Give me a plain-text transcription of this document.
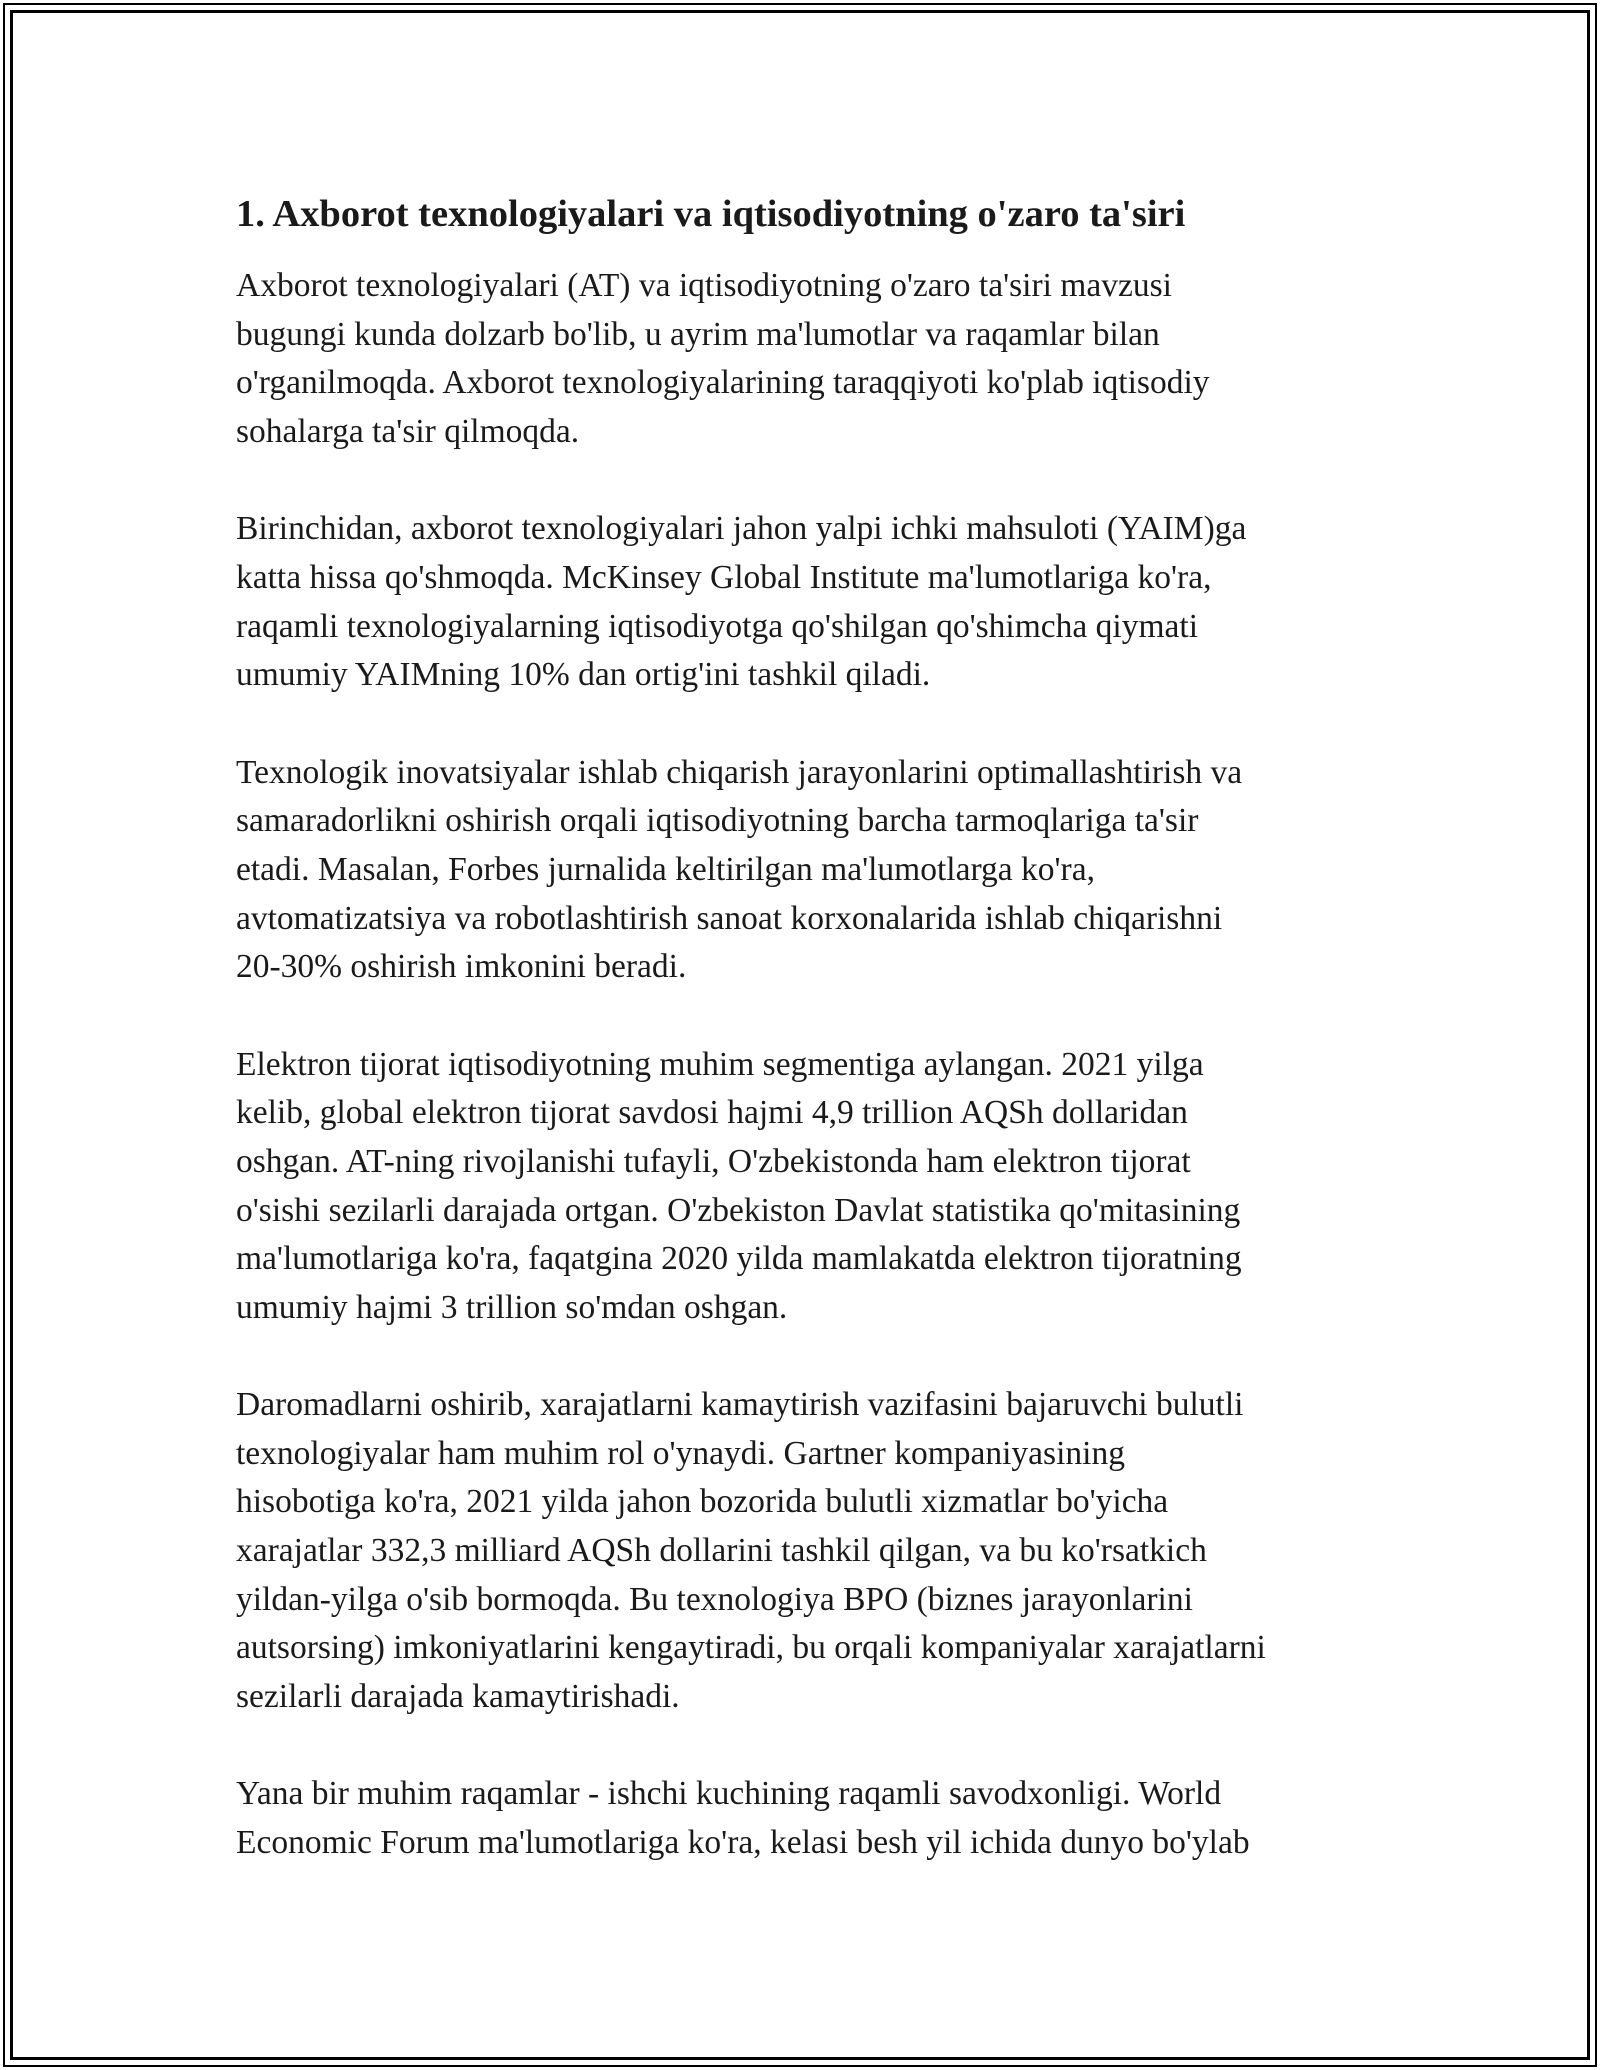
1. Axborot texnologiyalari va iqtisodiyotning o'zaro ta'siri

Axborot texnologiyalari (AT) va iqtisodiyotning o'zaro ta'siri mavzusi
bugungi kunda dolzarb bo'lib, u ayrim ma'lumotlar va raqamlar bilan
o'rganilmoqda. Axborot texnologiyalarining taraqqiyoti ko'plab iqtisodiy
sohalarga ta'sir qilmoqda.

Birinchidan, axborot texnologiyalari jahon yalpi ichki mahsuloti (YAIM)ga
katta hissa qo'shmoqda. McKinsey Global Institute ma'lumotlariga ko'ra,
raqamli texnologiyalarning iqtisodiyotga qo'shilgan qo'shimcha qiymati
umumiy YAIMning 10% dan ortig'ini tashkil qiladi.

Texnologik inovatsiyalar ishlab chiqarish jarayonlarini optimallashtirish va
samaradorlikni oshirish orqali iqtisodiyotning barcha tarmoqlariga ta'sir
etadi. Masalan, Forbes jurnalida keltirilgan ma'lumotlarga ko'ra,
avtomatizatsiya va robotlashtirish sanoat korxonalarida ishlab chiqarishni
20-30% oshirish imkonini beradi.

Elektron tijorat iqtisodiyotning muhim segmentiga aylangan. 2021 yilga
kelib, global elektron tijorat savdosi hajmi 4,9 trillion AQSh dollaridan
oshgan. AT-ning rivojlanishi tufayli, O'zbekistonda ham elektron tijorat
o'sishi sezilarli darajada ortgan. O'zbekiston Davlat statistika qo'mitasining
ma'lumotlariga ko'ra, faqatgina 2020 yilda mamlakatda elektron tijoratning
umumiy hajmi 3 trillion so'mdan oshgan.

Daromadlarni oshirib, xarajatlarni kamaytirish vazifasini bajaruvchi bulutli
texnologiyalar ham muhim rol o'ynaydi. Gartner kompaniyasining
hisobotiga ko'ra, 2021 yilda jahon bozorida bulutli xizmatlar bo'yicha
xarajatlar 332,3 milliard AQSh dollarini tashkil qilgan, va bu ko'rsatkich
yildan-yilga o'sib bormoqda. Bu texnologiya BPO (biznes jarayonlarini
autsorsing) imkoniyatlarini kengaytiradi, bu orqali kompaniyalar xarajatlarni
sezilarli darajada kamaytirishadi.

Yana bir muhim raqamlar - ishchi kuchining raqamli savodxonligi. World
Economic Forum ma'lumotlariga ko'ra, kelasi besh yil ichida dunyo bo'ylab
